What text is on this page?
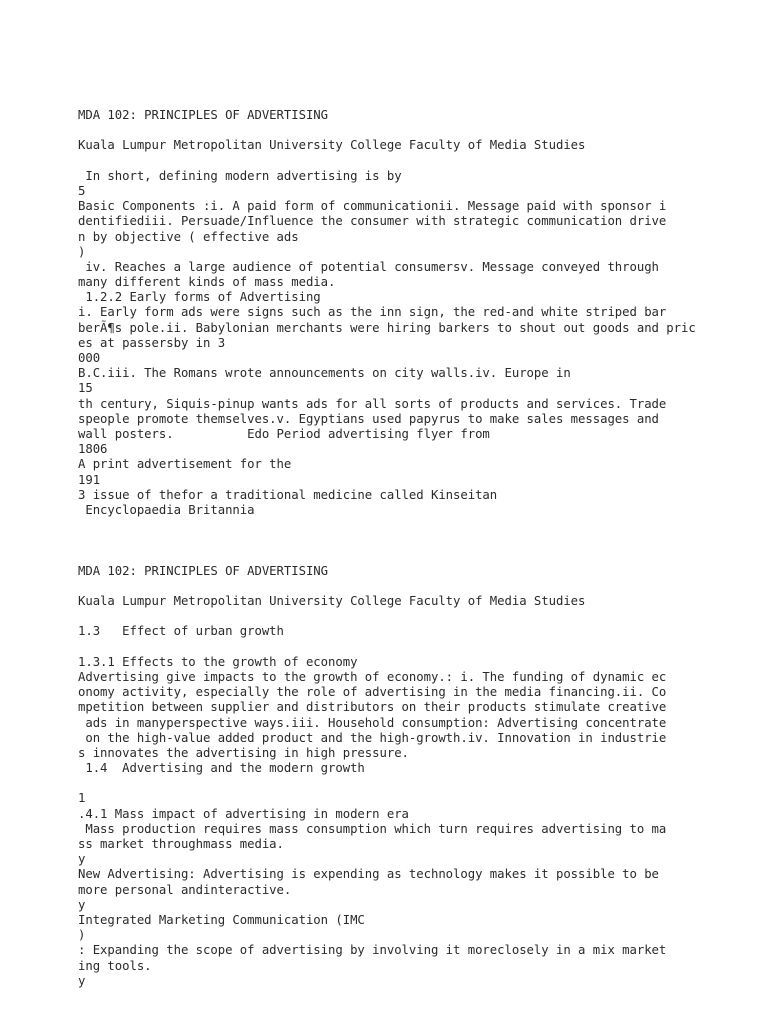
MDA 102: PRINCIPLES OF ADVERTISING
Kuala Lumpur Metropolitan University College Faculty of Media Studies
In short, defining modern advertising is by
5
Basic Components :i. A paid form of communicationii. Message paid with sponsor i
dentifiediii. Persuade/Influence the consumer with strategic communication drive
n by objective ( effective ads
)
iv. Reaches a large audience of potential consumersv. Message conveyed through
many different kinds of mass media.
1.2.2 Early forms of Advertising
i. Early form ads were signs such as the inn sign, the red-and white striped bar
berÃ¶s pole.ii. Babylonian merchants were hiring barkers to shout out goods and pric
es at passersby in 3
000
B.C.iii. The Romans wrote announcements on city walls.iv. Europe in
15
th century, Siquis-pinup wants ads for all sorts of products and services. Trade
speople promote themselves.v. Egyptians used papyrus to make sales messages and
wall posters.          Edo Period advertising flyer from
1806
A print advertisement for the
191
3 issue of thefor a traditional medicine called Kinseitan
Encyclopaedia Britannia
MDA 102: PRINCIPLES OF ADVERTISING
Kuala Lumpur Metropolitan University College Faculty of Media Studies
1.3   Effect of urban growth
1.3.1 Effects to the growth of economy
Advertising give impacts to the growth of economy.: i. The funding of dynamic ec
onomy activity, especially the role of advertising in the media financing.ii. Co
mpetition between supplier and distributors on their products stimulate creative
ads in manyperspective ways.iii. Household consumption: Advertising concentrate
on the high-value added product and the high-growth.iv. Innovation in industrie
s innovates the advertising in high pressure.
1.4  Advertising and the modern growth
1
.4.1 Mass impact of advertising in modern era
Mass production requires mass consumption which turn requires advertising to ma
ss market throughmass media.
y
New Advertising: Advertising is expending as technology makes it possible to be
more personal andinteractive.
y
Integrated Marketing Communication (IMC
)
: Expanding the scope of advertising by involving it moreclosely in a mix market
ing tools.
y
